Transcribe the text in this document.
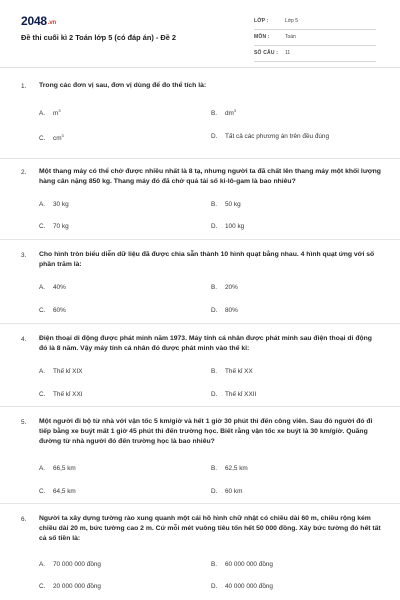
2048.vn
Đề thi cuối kì 2 Toán lớp 5 (có đáp án) - Đề 2
LỚP :	Lớp 5
MÔN :	Toán
SỐ CÂU : 11
1. Trong các đơn vị sau, đơn vị dùng để đo thể tích là:
A. $m^3$	B. $dm^3$
C. $cm^3$	D. Tất cả các phương án trên đều đúng
2. Một thang máy có thể chở được nhiều nhất là 8 tạ, nhưng người ta đã chất lên thang máy một khối lượng hàng cân nặng 850 kg. Thang máy đó đã chở quá tải số ki-lô-gam là bao nhiêu?
A. 30 kg	B. 50 kg
C. 70 kg	D. 100 kg
3. Cho hình tròn biểu diễn dữ liệu đã được chia sẵn thành 10 hình quạt bằng nhau. 4 hình quạt ứng với số phần trăm là:
A. 40%	B. 20%
C. 60%	D. 80%
4. Điện thoại di động được phát minh năm 1973. Máy tính cá nhân được phát minh sau điện thoại di động đó là 8 năm. Vậy máy tính cá nhân đó được phát minh vào thế kỉ:
A. Thế kỉ XIX	B. Thế kỉ XX
C. Thế kỉ XXI	D. Thế kỉ XXII
5. Một người đi bộ từ nhà với vận tốc 5 km/giờ và hết 1 giờ 30 phút thì đến công viên. Sau đó người đó đi tiếp bằng xe buýt mất 1 giờ 45 phút thì đến trường học. Biết rằng vận tốc xe buýt là 30 km/giờ. Quãng đường từ nhà người đó đến trường học là bao nhiêu?
A. 66,5 km	B. 62,5 km
C. 64,5 km	D. 60 km
6. Người ta xây dựng tường rào xung quanh một cái hồ hình chữ nhật có chiều dài 60 m, chiều rộng kém chiều dài 20 m, bức tường cao 2 m. Cứ mỗi mét vuông tiêu tốn hết 50 000 đồng. Xây bức tường đó hết tất cả số tiền là:
A. 70 000 000 đồng	B. 60 000 000 đồng
C. 20 000 000 đồng	D. 40 000 000 đồng
